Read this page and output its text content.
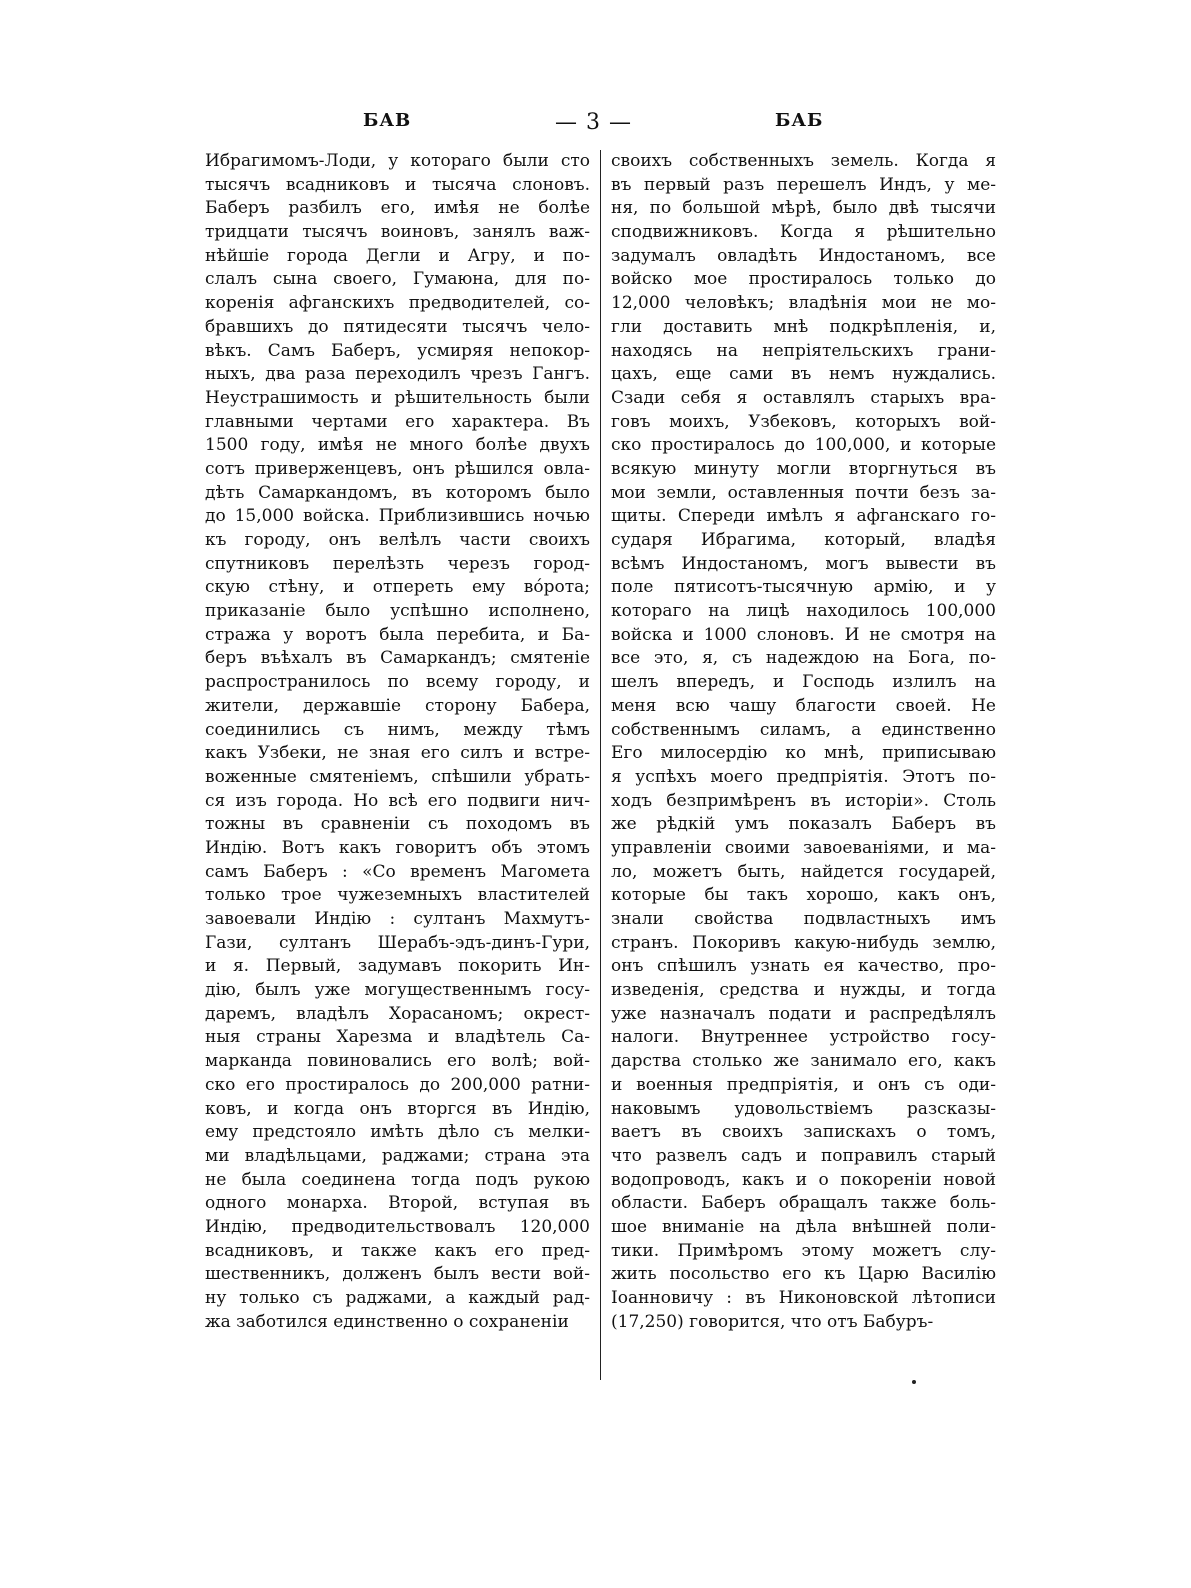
БАВ	— 3 —	БАБ
Ибрагимомъ-Лоди, у котораго были сто
тысячъ всадниковъ и тысяча слоновъ.
Баберъ разбилъ его, имѣя не болѣе
тридцати тысячъ воиновъ, занялъ важ-
нѣйшіе города Дегли и Агру, и по-
слалъ сына своего, Гумаюна, для по-
коренія афганскихъ предводителей, со-
бравшихъ до пятидесяти тысячъ чело-
вѣкъ. Самъ Баберъ, усмиряя непокор-
ныхъ, два раза переходилъ чрезъ Гангъ.
Неустрашимость и рѣшительность были
главными чертами его характера. Въ
1500 году, имѣя не много болѣе двухъ
сотъ приверженцевъ, онъ рѣшился овла-
дѣть Самаркандомъ, въ которомъ было
до 15,000 войска. Приблизившись ночью
къ городу, онъ велѣлъ части своихъ
спутниковъ перелѣзть черезъ город-
скую стѣну, и отпереть ему вóрота;
приказаніе было успѣшно исполнено,
стража у воротъ была перебита, и Ба-
беръ въѣхалъ въ Самаркандъ; смятеніе
распространилось по всему городу, и
жители, державшіе сторону Бабера,
соединились съ нимъ, между тѣмъ
какъ Узбеки, не зная его силъ и встре-
воженные смятеніемъ, спѣшили убрать-
ся изъ города. Но всѣ его подвиги нич-
тожны въ сравненіи съ походомъ въ
Индію. Вотъ какъ говоритъ объ этомъ
самъ Баберъ : «Со временъ Магомета
только трое чужеземныхъ властителей
завоевали Индію : султанъ Махмутъ-
Гази, султанъ Шерабъ-эдъ-динъ-Гури,
и я. Первый, задумавъ покорить Ин-
дію, былъ уже могущественнымъ госу-
даремъ, владѣлъ Хорасаномъ; окрест-
ныя страны Харезма и владѣтель Са-
марканда повиновались его волѣ; вой-
ско его простиралось до 200,000 ратни-
ковъ, и когда онъ вторгся въ Индію,
ему предстояло имѣть дѣло съ мелки-
ми владѣльцами, раджами; страна эта
не была соединена тогда подъ рукою
одного монарха. Второй, вступая въ
Индію, предводительствовалъ 120,000
всадниковъ, и также какъ его пред-
шественникъ, долженъ былъ вести вой-
ну только съ раджами, а каждый рад-
жа заботился единственно о сохраненіи
своихъ собственныхъ земель. Когда я
въ первый разъ перешелъ Индъ, у ме-
ня, по большой мѣрѣ, было двѣ тысячи
сподвижниковъ. Когда я рѣшительно
задумалъ овладѣть Индостаномъ, все
войско мое простиралось только до
12,000 человѣкъ; владѣнія мои не мо-
гли доставить мнѣ подкрѣпленія, и,
находясь на непріятельскихъ грани-
цахъ, еще сами въ немъ нуждались.
Сзади себя я оставлялъ старыхъ вра-
говъ моихъ, Узбековъ, которыхъ вой-
ско простиралось до 100,000, и которые
всякую минуту могли вторгнуться въ
мои земли, оставленныя почти безъ за-
щиты. Спереди имѣлъ я афганскаго го-
сударя Ибрагима, который, владѣя
всѣмъ Индостаномъ, могъ вывести въ
поле пятисотъ-тысячную армію, и у
котораго на лицѣ находилось 100,000
войска и 1000 слоновъ. И не смотря на
все это, я, съ надеждою на Бога, по-
шелъ впередъ, и Господь излилъ на
меня всю чашу благости своей. Не
собственнымъ силамъ, а единственно
Его милосердію ко мнѣ, приписываю
я успѣхъ моего предпріятія. Этотъ по-
ходъ безпримѣренъ въ исторіи». Столь
же рѣдкій умъ показалъ Баберъ въ
управленіи своими завоеваніями, и ма-
ло, можетъ быть, найдется государей,
которые бы такъ хорошо, какъ онъ,
знали свойства подвластныхъ имъ
странъ. Покоривъ какую-нибудь землю,
онъ спѣшилъ узнать ея качество, про-
изведенія, средства и нужды, и тогда
уже назначалъ подати и распредѣлялъ
налоги. Внутреннее устройство госу-
дарства столько же занимало его, какъ
и военныя предпріятія, и онъ съ оди-
наковымъ удовольствіемъ разсказы-
ваетъ въ своихъ запискахъ о томъ,
что развелъ садъ и поправилъ старый
водопроводъ, какъ и о покореніи новой
области. Баберъ обращалъ также боль-
шое вниманіе на дѣла внѣшней поли-
тики. Примѣромъ этому можетъ слу-
жить посольство его къ Царю Василію
Іоанновичу : въ Никоновской лѣтописи
(17,250) говорится, что отъ Бабуръ-
